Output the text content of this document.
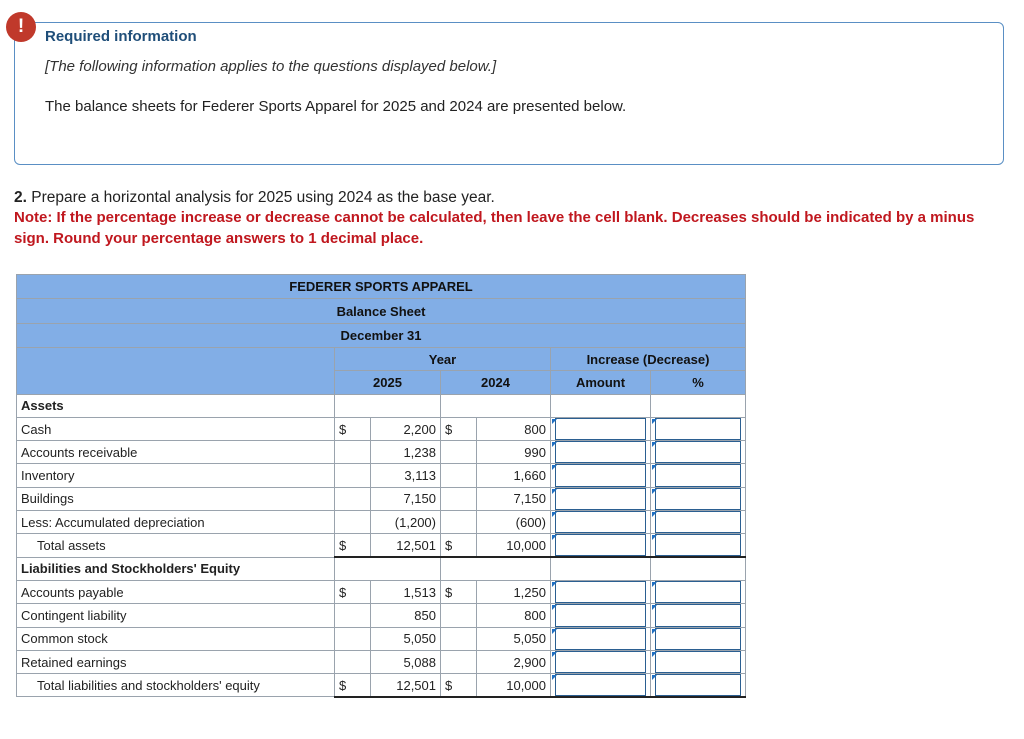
!	Required information
[The following information applies to the questions displayed below.]
The balance sheets for Federer Sports Apparel for 2025 and 2024 are presented below.
2. Prepare a horizontal analysis for 2025 using 2024 as the base year.
Note: If the percentage increase or decrease cannot be calculated, then leave the cell blank. Decreases should be indicated by a minus sign. Round your percentage answers to 1 decimal place.
FEDERER SPORTS APPAREL						
Balance Sheet						
December 31						
	Year				Increase (Decrease)	
	2025		2024		Amount	%
Assets						
Cash	$	2,200	$	800	

Accounts receivable		1,238		990	

Inventory		3,113		1,660	

Buildings		7,150		7,150	

Less: Accumulated depreciation		(1,200)		(600)	

Total assets	$	12,501	$	10,000	

Liabilities and Stockholders' Equity						
Accounts payable	$	1,513	$	1,250	

Contingent liability		850		800	

Common stock		5,050		5,050	

Retained earnings		5,088		2,900	

Total liabilities and stockholders' equity	$	12,501	$	10,000	
